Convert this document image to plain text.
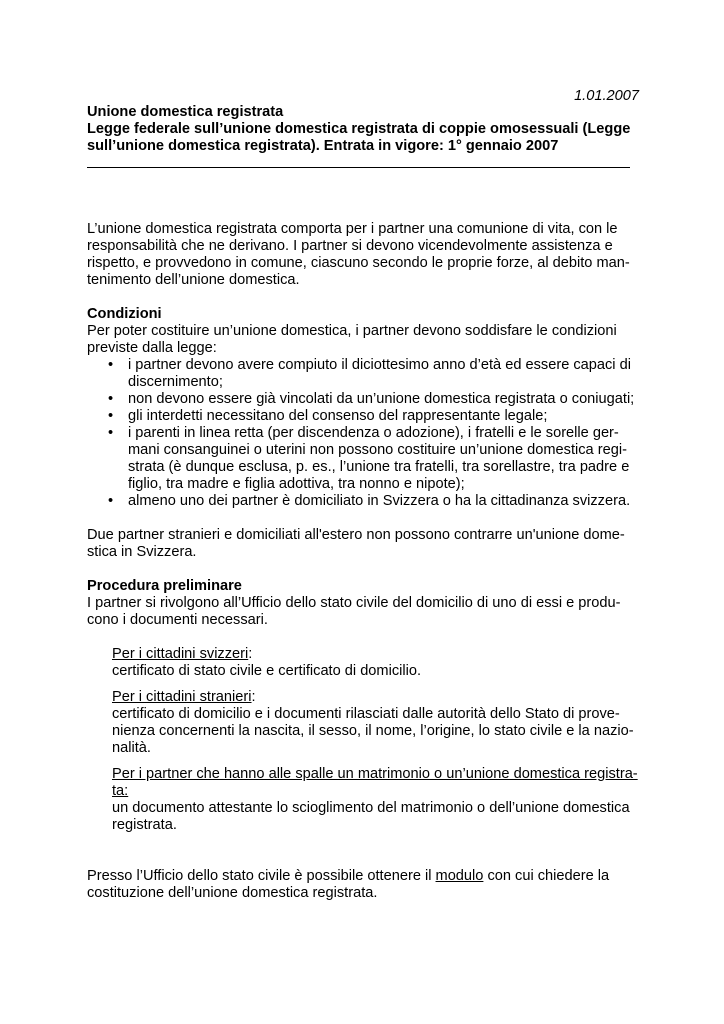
1.01.2007
Unione domestica registrata
Legge federale sull’unione domestica registrata di coppie omosessuali (Legge
sull’unione domestica registrata). Entrata in vigore: 1° gennaio 2007

L’unione domestica registrata comporta per i partner una comunione di vita, con le

responsabilità che ne derivano. I partner si devono vicendevolmente assistenza e

rispetto, e provvedono in comune, ciascuno secondo le proprie forze, al debito man-

tenimento dell’unione domestica.

Condizioni

Per poter costituire un’unione domestica, i partner devono soddisfare le condizioni

previste dalla legge:

• i partner devono avere compiuto il diciottesimo anno d’età ed essere capaci di
discernimento;
• non devono essere già vincolati da un’unione domestica registrata o coniugati;
• gli interdetti necessitano del consenso del rappresentante legale;
• i parenti in linea retta (per discendenza o adozione), i fratelli e le sorelle ger-
mani consanguinei o uterini non possono costituire un’unione domestica regi-
strata (è dunque esclusa, p. es., l’unione tra fratelli, tra sorellastre, tra padre e
figlio, tra madre e figlia adottiva, tra nonno e nipote);
• almeno uno dei partner è domiciliato in Svizzera o ha la cittadinanza svizzera.

Due partner stranieri e domiciliati all'estero non possono contrarre un'unione dome-

stica in Svizzera.

Procedura preliminare

I partner si rivolgono all’Ufficio dello stato civile del domicilio di uno di essi e produ-

cono i documenti necessari.

Per i cittadini svizzeri:

certificato di stato civile e certificato di domicilio.

Per i cittadini stranieri:

certificato di domicilio e i documenti rilasciati dalle autorità dello Stato di prove-

nienza concernenti la nascita, il sesso, il nome, l’origine, lo stato civile e la nazio-

nalità.

Per i partner che hanno alle spalle un matrimonio o un’unione domestica registra-

ta:

un documento attestante lo scioglimento del matrimonio o dell’unione domestica

registrata.

Presso l’Ufficio dello stato civile è possibile ottenere il modulo con cui chiedere la

costituzione dell’unione domestica registrata.
